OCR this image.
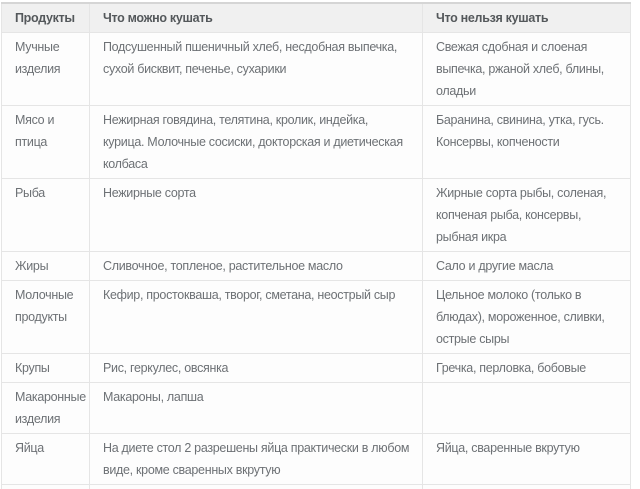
Продукты	Что можно кушать	Что нельзя кушать
Мучные изделия	Подсушенный пшеничный хлеб, несдобная выпечка, сухой бисквит, печенье, сухарики	Свежая сдобная и слоеная выпечка, ржаной хлеб, блины, оладьи
Мясо и птица	Нежирная говядина, телятина, кролик, индейка, курица. Молочные сосиски, докторская и диетическая колбаса	Баранина, свинина, утка, гусь. Консервы, копчености
Рыба	Нежирные сорта	Жирные сорта рыбы, соленая, копченая рыба, консервы, рыбная икра
Жиры	Сливочное, топленое, растительное масло	Сало и другие масла
Молочные продукты	Кефир, простокваша, творог, сметана, неострый сыр	Цельное молоко (только в блюдах), мороженное, сливки, острые сыры
Крупы	Рис, геркулес, овсянка	Гречка, перловка, бобовые
Макаронные изделия	Макароны, лапша	
Яйца	На диете стол 2 разрешены яйца практически в любом виде, кроме сваренных вкрутую	Яйца, сваренные вкрутую
